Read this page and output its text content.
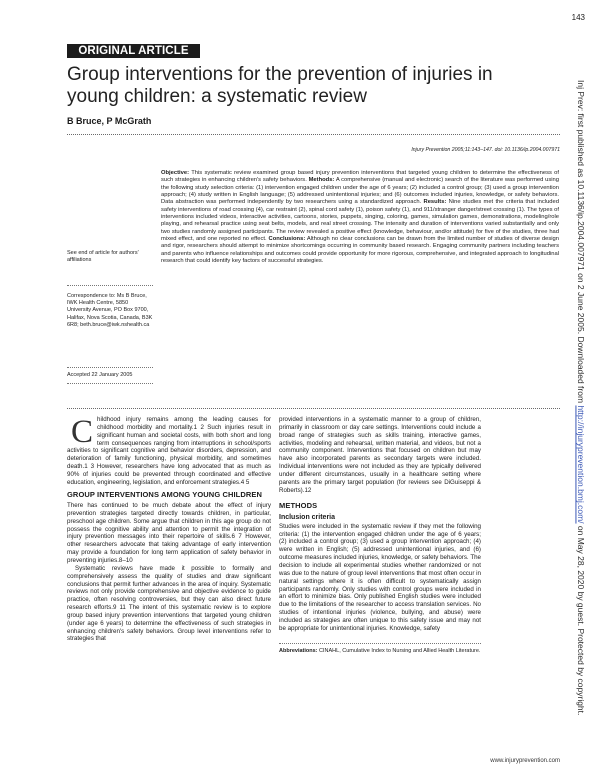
143
ORIGINAL ARTICLE
Group interventions for the prevention of injuries in young children: a systematic review
B Bruce, P McGrath
Injury Prevention 2005;11:143–147. doi: 10.1136/ip.2004.007971
See end of article for authors' affiliations
Correspondence to: Ms B Bruce, IWK Health Centre, 5850 University Avenue, PO Box 9700, Halifax, Nova Scotia, Canada, B3K 6R8; beth.bruce@iwk.nshealth.ca
Accepted 22 January 2005

Objective: This systematic review examined group based injury prevention interventions that targeted young children to determine the effectiveness of such strategies in enhancing children's safety behaviors. Methods: A comprehensive (manual and electronic) search of the literature was performed using the following study selection criteria: (1) intervention engaged children under the age of 6 years; (2) included a control group; (3) used a group intervention approach; (4) study written in English language; (5) addressed unintentional injuries; and (6) outcomes included injuries, knowledge, or safety behaviors. Data abstraction was performed independently by two researchers using a standardized approach. Results: Nine studies met the criteria that included safety interventions of road crossing (4), car restraint (2), spinal cord safety (1), poison safety (1), and 911/stranger danger/street crossing (1). The types of interventions included videos, interactive activities, cartoons, stories, puppets, singing, coloring, games, simulation games, demonstrations, modeling/role playing, and rehearsal practice using seat belts, models, and real street crossing. The intensity and duration of interventions varied substantially and only two studies randomly assigned participants. The review revealed a positive effect (knowledge, behaviour, and/or attitude) for five of the studies, three had mixed effect, and one reported no effect. Conclusions: Although no clear conclusions can be drawn from the limited number of studies of diverse design and rigor, researchers should attempt to minimize shortcomings occurring in community based research. Engaging community partners including teachers and parents who influence relationships and outcomes could provide opportunity for more rigorous, comprehensive, and integrated approach to longitudinal research that could identify key factors of successful strategies.

Childhood injury remains among the leading causes for childhood morbidity and mortality.1 2 Such injuries result in significant human and societal costs, with both short and long term consequences ranging from interruptions in school/sports activities to significant cognitive and behavior disorders, depression, and deterioration of family functioning, physical morbidity, and sometimes death.1 3 However, researchers have long advocated that as much as 90% of injuries could be prevented through coordinated and effective education, engineering, legislation, and enforcement strategies.4 5

GROUP INTERVENTIONS AMONG YOUNG CHILDREN

There has continued to be much debate about the effect of injury prevention strategies targeted directly towards children, in particular, preschool age children. Some argue that children in this age group do not possess the cognitive ability and attention to permit the integration of injury prevention messages into their repertoire of skills.6 7 However, other researchers advocate that taking advantage of early intervention may provide a foundation for long term application of safety behavior in preventing injuries.8–10

Systematic reviews have made it possible to formally and comprehensively assess the quality of studies and draw significant conclusions that permit further advances in the area of inquiry. Systematic reviews not only provide comprehensive and objective evidence to guide practice, often resolving controversies, but they can also direct future research efforts.9 11 The intent of this systematic review is to explore group based injury prevention interventions that targeted young children (under age 6 years) to determine the effectiveness of such strategies in enhancing children's safety behaviors. Group level interventions refer to strategies that

provided interventions in a systematic manner to a group of children, primarily in classroom or day care settings. Interventions could include a broad range of strategies such as skills training, interactive games, activities, modeling and rehearsal, written material, and videos, but not a community component. Interventions that focused on children but may have also incorporated parents as secondary targets were included. Individual interventions were not included as they are typically delivered under different circumstances, usually in a healthcare setting where parents are the primary target population (for reviews see DiGuiseppi & Roberts).12

METHODS
Inclusion criteria

Studies were included in the systematic review if they met the following criteria: (1) the intervention engaged children under the age of 6 years; (2) included a control group; (3) used a group intervention approach; (4) were written in English; (5) addressed unintentional injuries, and (6) outcome measures included injuries, knowledge, or safety behaviors. The decision to include all experimental studies whether randomized or not was due to the nature of group level interventions that most often occur in natural settings where it is often difficult to systematically assign participants randomly. Only studies with control groups were included in an effort to minimize bias. Only published English studies were included due to the limitations of the researcher to access translation services. No studies of intentional injuries (violence, bullying, and abuse) were included as strategies are often unique to this safety issue and may not be appropriate for unintentional injuries. Knowledge, safety

Abbreviations: CINAHL, Cumulative Index to Nursing and Allied Health Literature.

www.injuryprevention.com
Inj Prev: first published as 10.1136/ip.2004.007971 on 2 June 2005. Downloaded from http://injuryprevention.bmj.com/ on May 28, 2020 by guest. Protected by copyright.
